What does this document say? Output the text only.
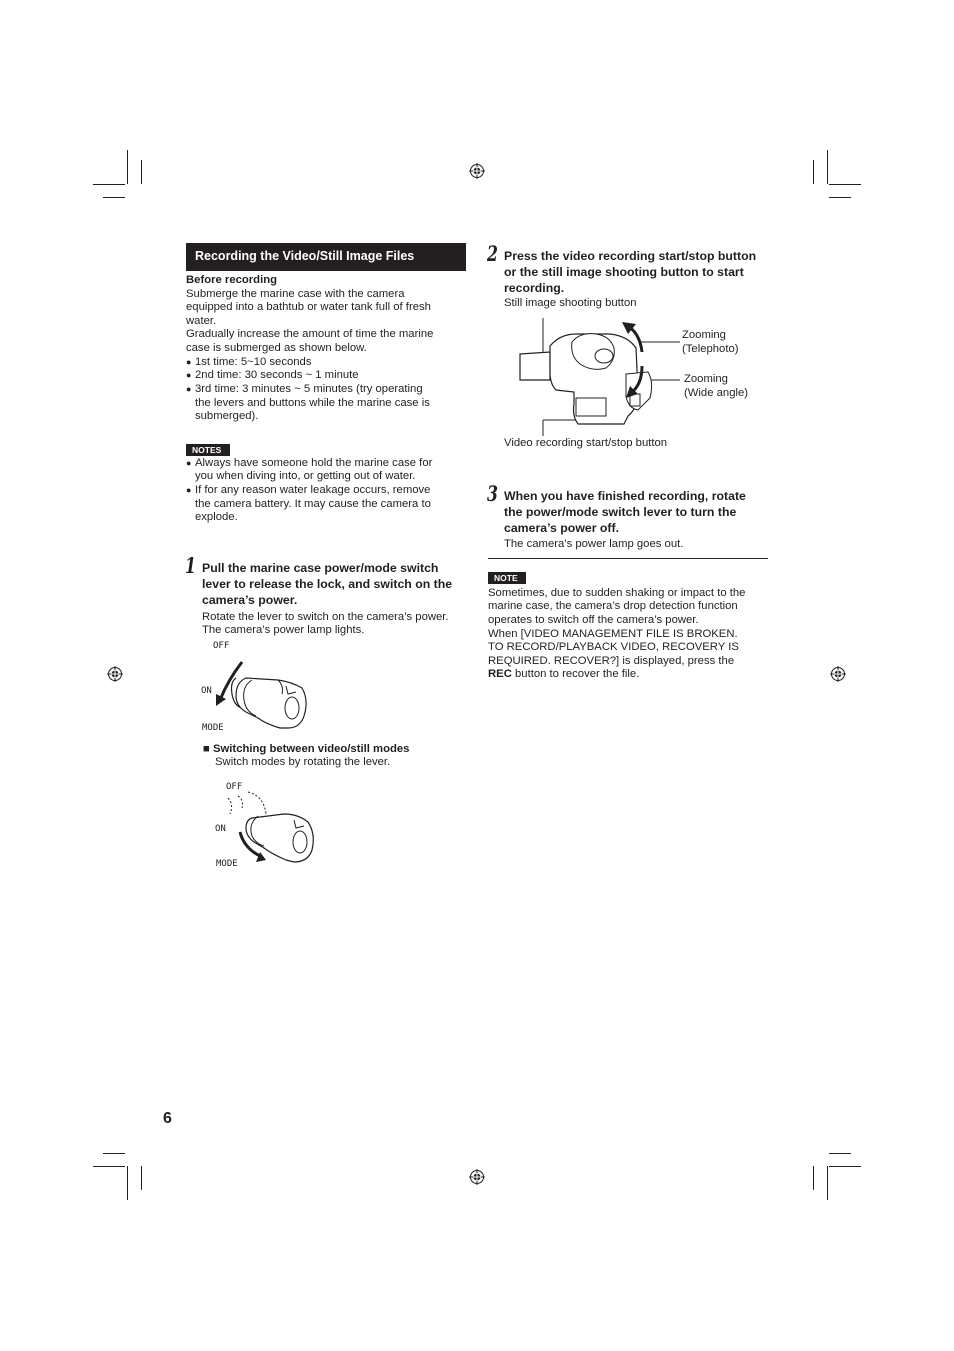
Recording the Video/Still Image Files
Before recording
Submerge the marine case with the camera
equipped into a bathtub or water tank full of fresh
water.
Gradually increase the amount of time the marine
case is submerged as shown below.
● 1st time: 5~10 seconds
● 2nd time: 30 seconds ~ 1 minute
● 3rd time: 3 minutes ~ 5 minutes (try operating
the levers and buttons while the marine case is
submerged).
NOTES
● Always have someone hold the marine case for
you when diving into, or getting out of water.
● If for any reason water leakage occurs, remove
the camera battery. It may cause the camera to
explode.
1 Pull the marine case power/mode switch
lever to release the lock, and switch on the
camera’s power.
Rotate the lever to switch on the camera’s power.
The camera’s power lamp lights.
OFF
ON
MODE
■ Switching between video/still modes
Switch modes by rotating the lever.
OFF
ON
MODE
2 Press the video recording start/stop button
or the still image shooting button to start
recording.
Still image shooting button
Zooming
(Telephoto)
Zooming
(Wide angle)
Video recording start/stop button
3 When you have finished recording, rotate
the power/mode switch lever to turn the
camera’s power off.
The camera’s power lamp goes out.
NOTE
Sometimes, due to sudden shaking or impact to the
marine case, the camera’s drop detection function
operates to switch off the camera’s power.
When [VIDEO MANAGEMENT FILE IS BROKEN.
TO RECORD/PLAYBACK VIDEO, RECOVERY IS
REQUIRED. RECOVER?] is displayed, press the
REC button to recover the file.
6
